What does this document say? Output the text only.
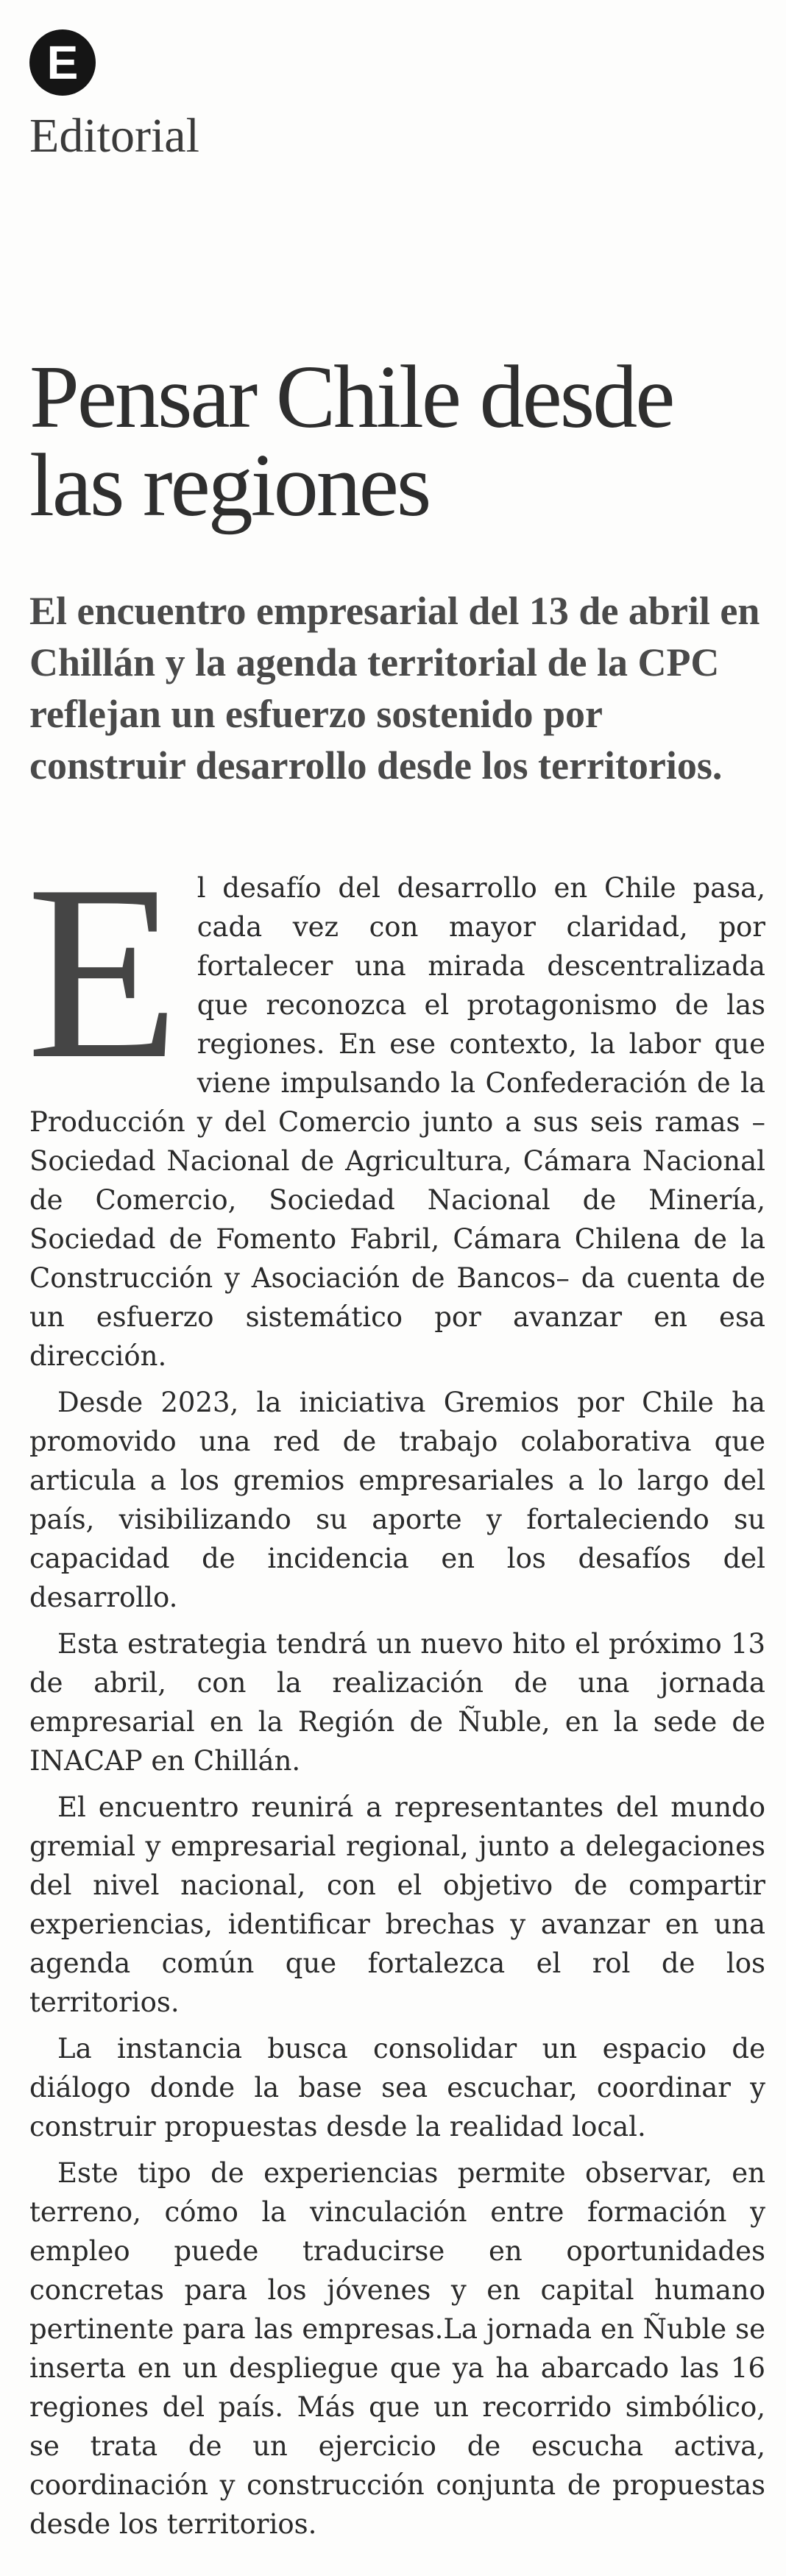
E
Editorial
Pensar Chile desde las regiones

El encuentro empresarial del 13 de abril en Chillán y la agenda territorial de la CPC reflejan un esfuerzo sostenido por construir desarrollo desde los territorios.

El desafío del desarrollo en Chile pasa, cada vez con mayor claridad, por fortalecer una mirada descentralizada que reconozca el protagonismo de las regiones. En ese contexto, la labor que viene impulsando la Confederación de la Producción y del Comercio junto a sus seis ramas –Sociedad Nacional de Agricultura, Cámara Nacional de Comercio, Sociedad Nacional de Minería, Sociedad de Fomento Fabril, Cámara Chilena de la Construcción y Asociación de Bancos– da cuenta de un esfuerzo sistemático por avanzar en esa dirección.

Desde 2023, la iniciativa Gremios por Chile ha promovido una red de trabajo colaborativa que articula a los gremios empresariales a lo largo del país, visibilizando su aporte y fortaleciendo su capacidad de incidencia en los desafíos del desarrollo.

Esta estrategia tendrá un nuevo hito el próximo 13 de abril, con la realización de una jornada empresarial en la Región de Ñuble, en la sede de INACAP en Chillán.

El encuentro reunirá a representantes del mundo gremial y empresarial regional, junto a delegaciones del nivel nacional, con el objetivo de compartir experiencias, identificar brechas y avanzar en una agenda común que fortalezca el rol de los territorios.

La instancia busca consolidar un espacio de diálogo donde la base sea escuchar, coordinar y construir propuestas desde la realidad local.

Este tipo de experiencias permite observar, en terreno, cómo la vinculación entre formación y empleo puede traducirse en oportunidades concretas para los jóvenes y en capital humano pertinente para las empresas.La jornada en Ñuble se inserta en un despliegue que ya ha abarcado las 16 regiones del país. Más que un recorrido simbólico, se trata de un ejercicio de escucha activa, coordinación y construcción conjunta de propuestas desde los territorios.
